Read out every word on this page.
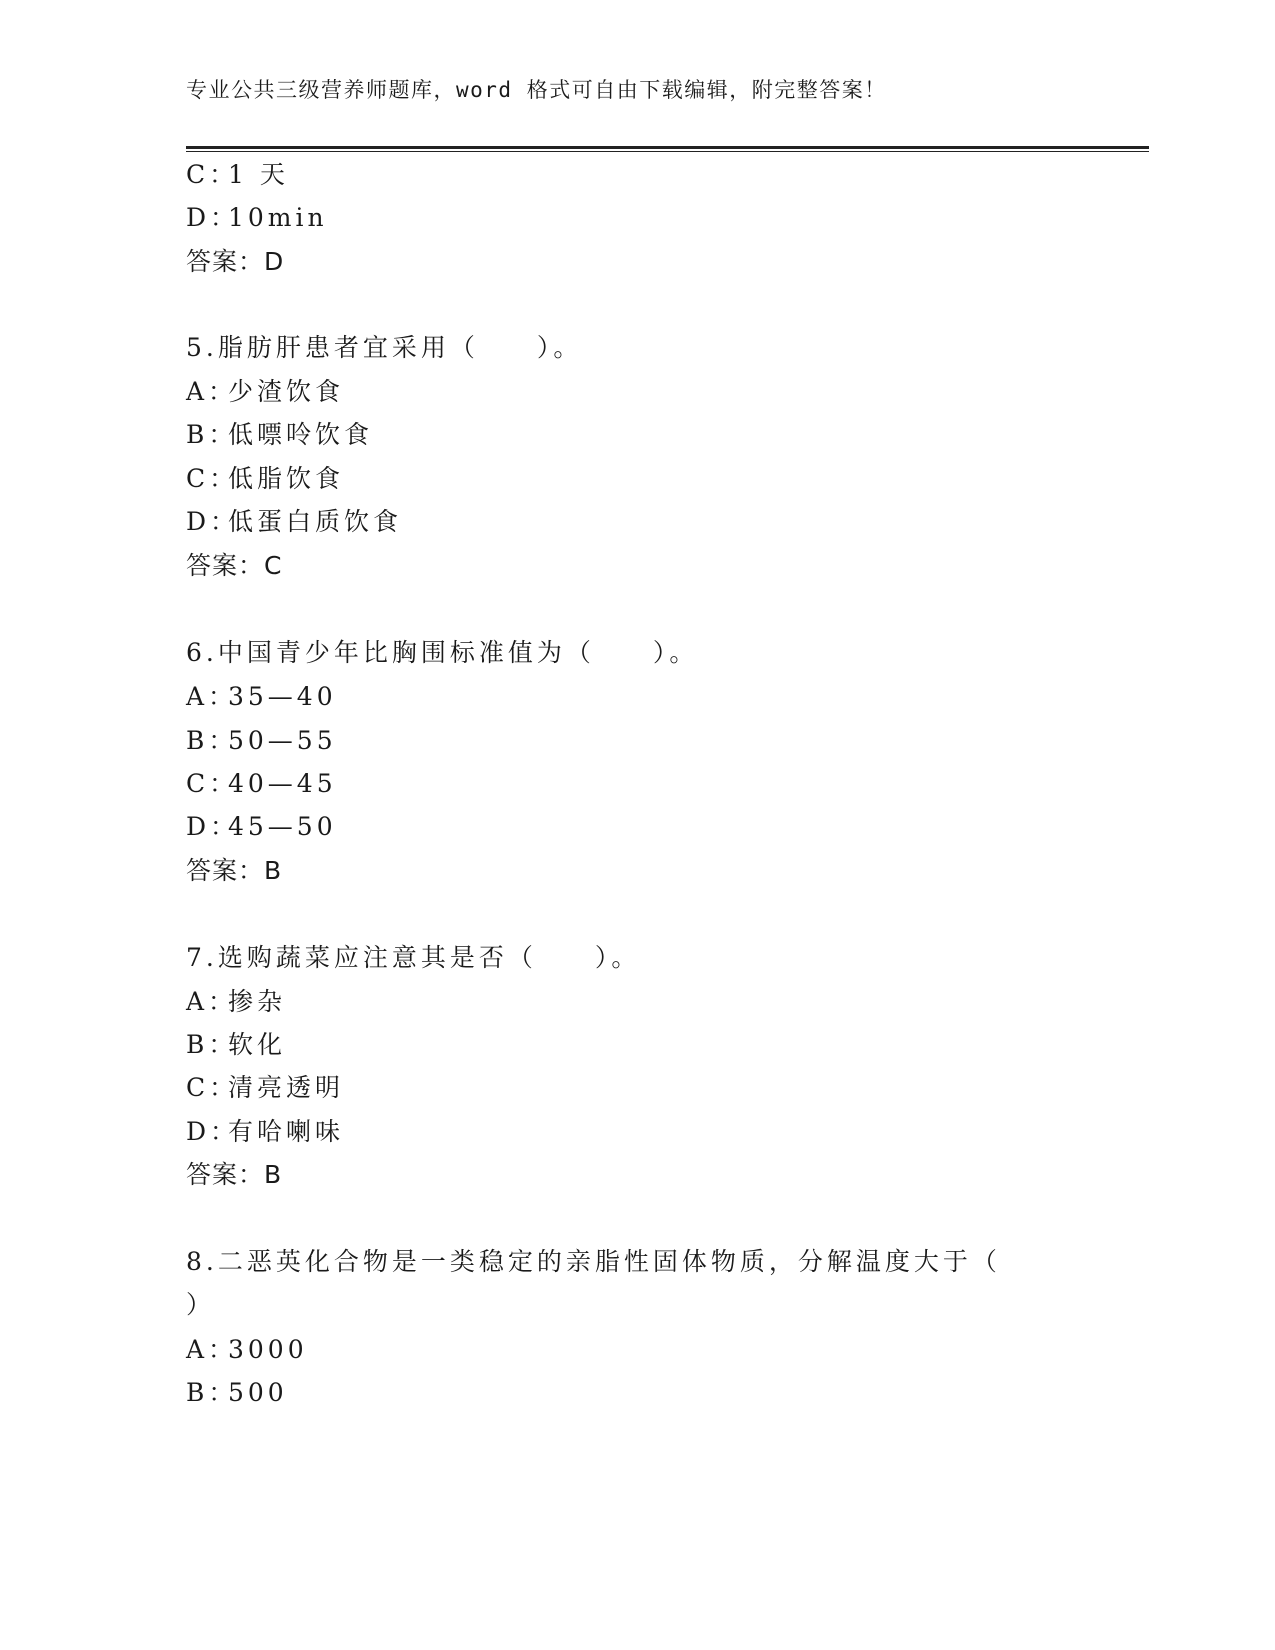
专业公共三级营养师题库，word 格式可自由下载编辑，附完整答案！
C：1 天
D：10min
答案：D
5.脂肪肝患者宜采用（　　）。
A：少渣饮食
B：低嘌呤饮食
C：低脂饮食
D：低蛋白质饮食
答案：C
6.中国青少年比胸围标准值为（　　）。
A：35—40
B：50—55
C：40—45
D：45—50
答案：B
7.选购蔬菜应注意其是否（　　）。
A：掺杂
B：软化
C：清亮透明
D：有哈喇味
答案：B
8.二恶英化合物是一类稳定的亲脂性固体物质，分解温度大于（
）
A：3000
B：500
